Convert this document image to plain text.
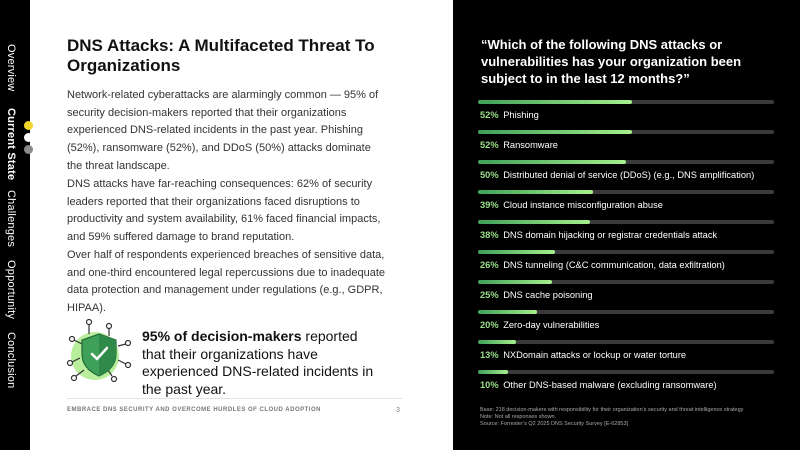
Overview
Current State
Challenges
Opportunity
Conclusion
DNS Attacks: A Multifaceted Threat To Organizations
Network-related cyberattacks are alarmingly common — 95% of security decision-makers reported that their organizations experienced DNS-related incidents in the past year. Phishing (52%), ransomware (52%), and DDoS (50%) attacks dominate the threat landscape.
DNS attacks have far-reaching consequences: 62% of security leaders reported that their organizations faced disruptions to productivity and system availability, 61% faced financial impacts, and 59% suffered damage to brand reputation.
Over half of respondents experienced breaches of sensitive data, and one-third encountered legal repercussions due to inadequate data protection and management under regulations (e.g., GDPR, HIPAA).
95% of decision-makers reported that their organizations have experienced DNS-related incidents in the past year.
EMBRACE DNS SECURITY AND OVERCOME HURDLES OF CLOUD ADOPTION	3
“Which of the following DNS attacks or vulnerabilities has your organization been subject to in the last 12 months?”
52% Phishing
52% Ransomware
50% Distributed denial of service (DDoS) (e.g., DNS amplification)
39% Cloud instance misconfiguration abuse
38% DNS domain hijacking or registrar credentials attack
26% DNS tunneling (C&C communication, data exfiltration)
25% DNS cache poisoning
20% Zero-day vulnerabilities
13% NXDomain attacks or lockup or water torture
10% Other DNS-based malware (excluding ransomware)
Base: 218 decision-makers with responsibility for their organization’s security and threat intelligence strategy
Note: Not all responses shown.
Source: Forrester’s Q2 2025 DNS Security Survey [E-62853]
